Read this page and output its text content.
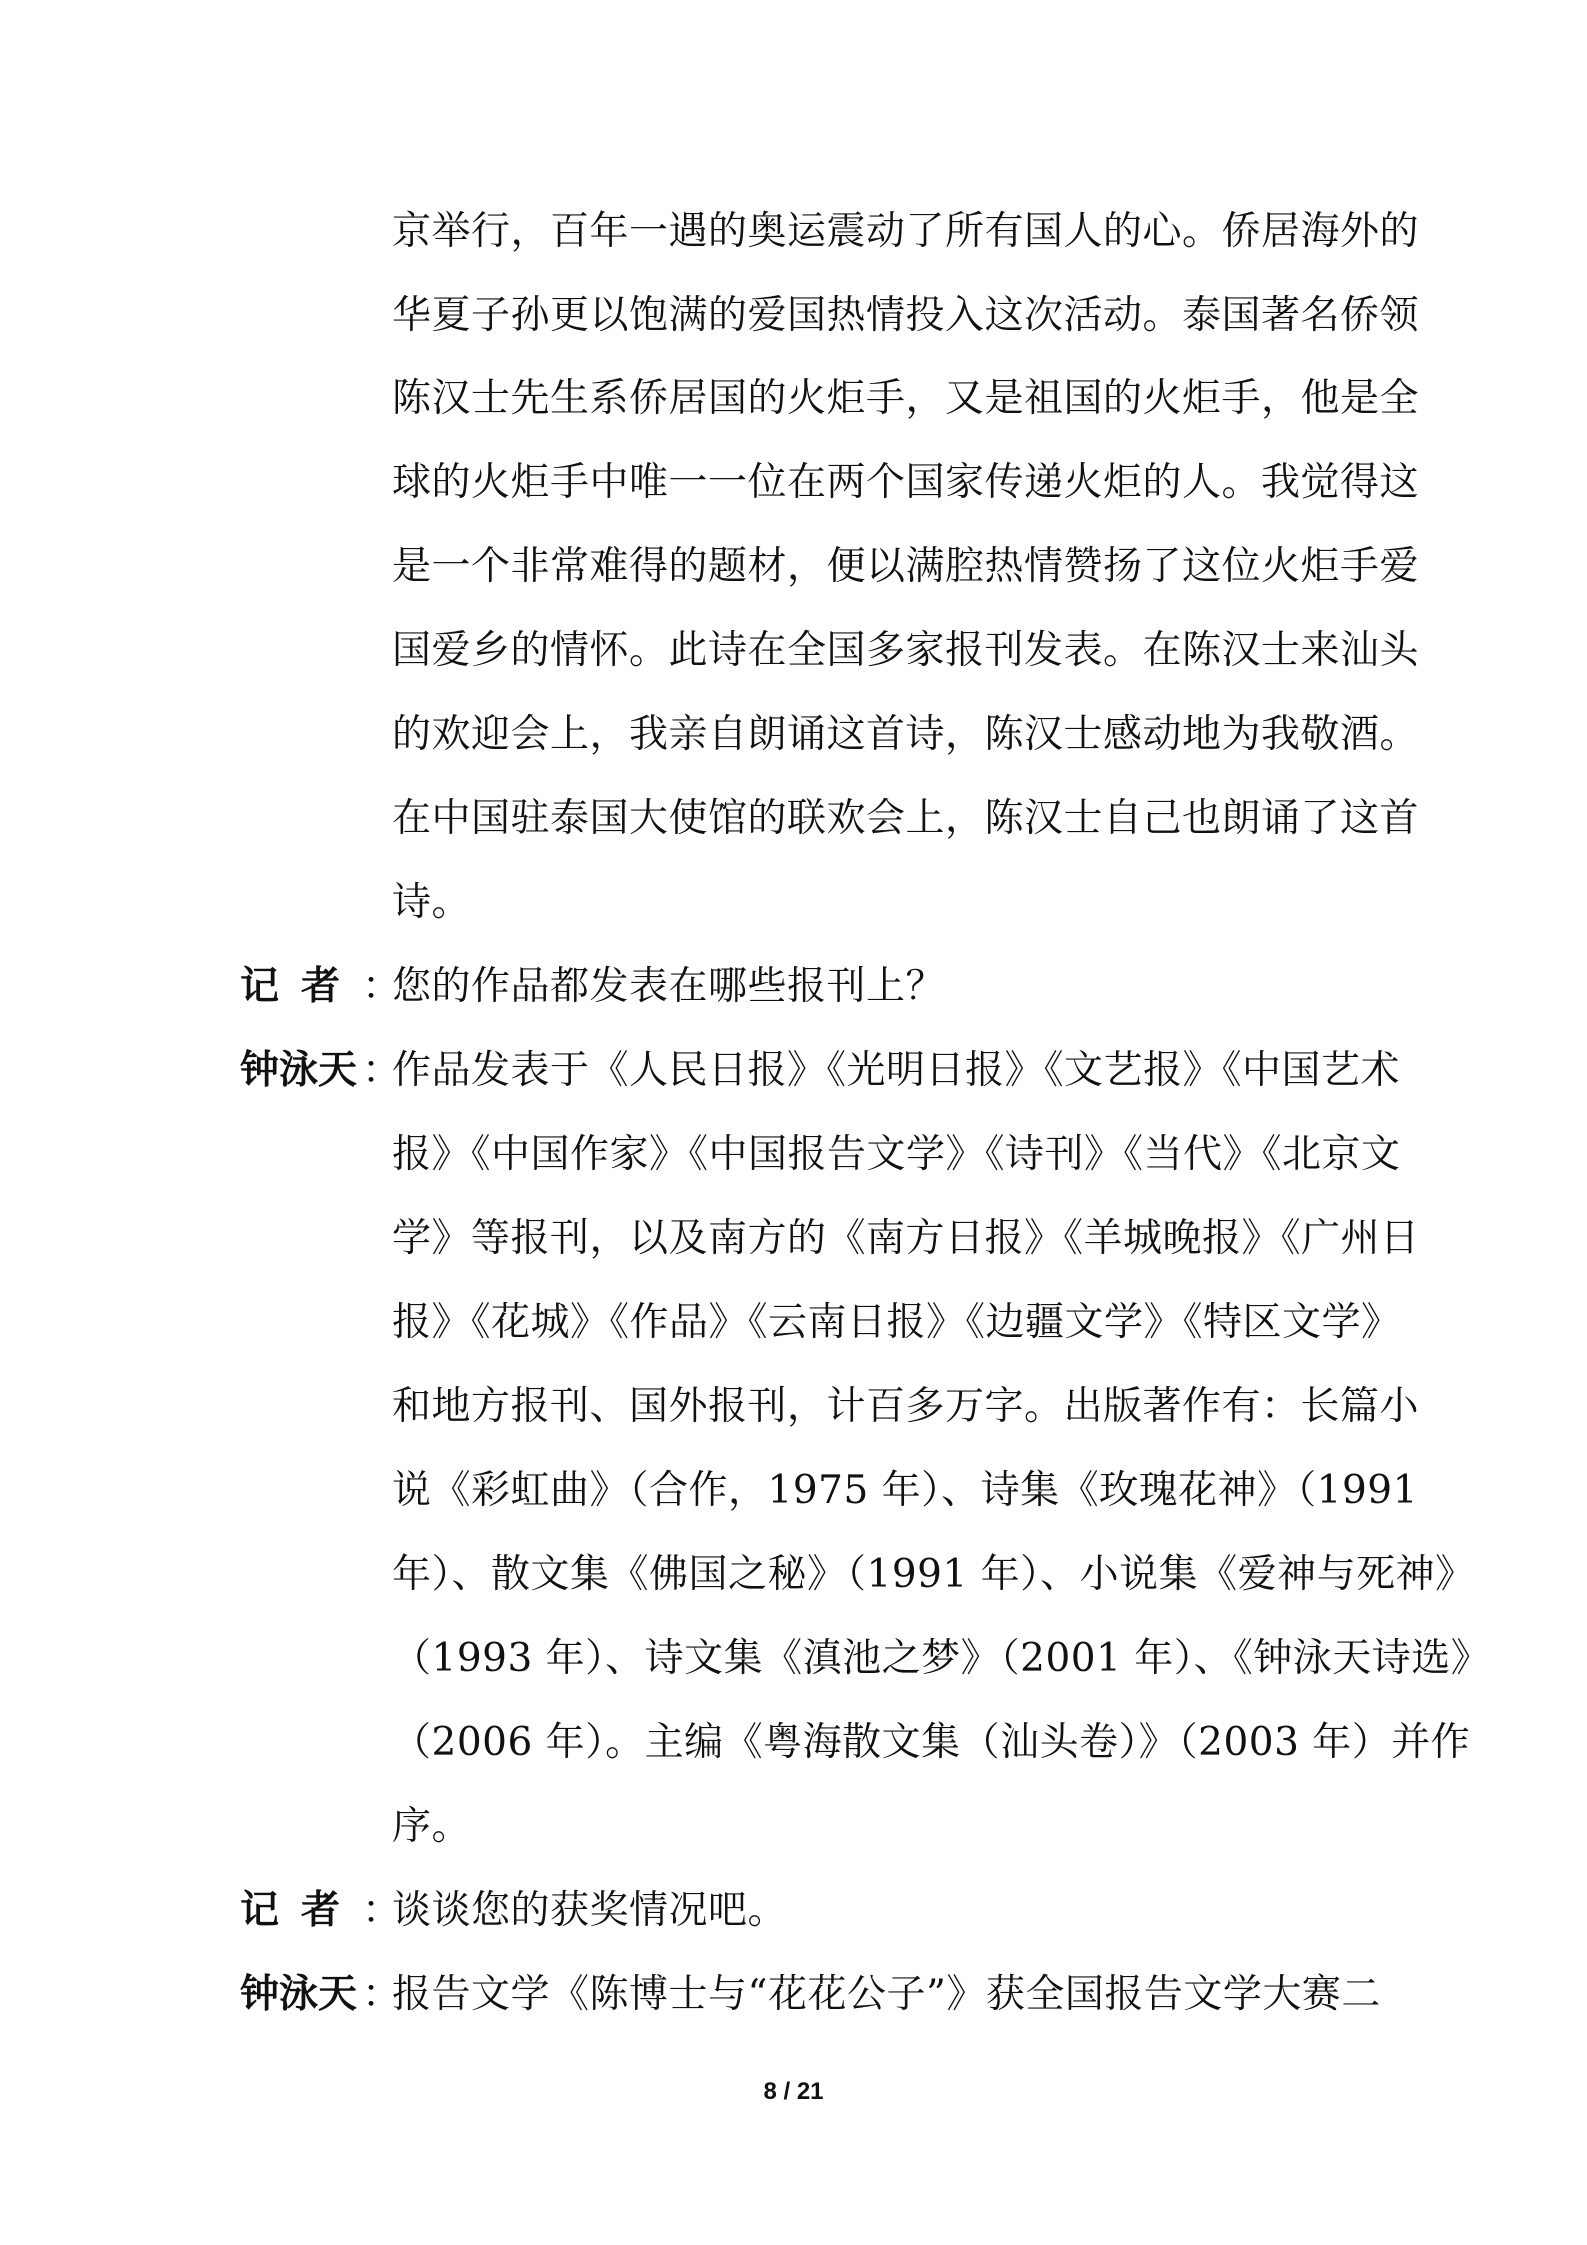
京举行，百年一遇的奥运震动了所有国人的心。侨居海外的
华夏子孙更以饱满的爱国热情投入这次活动。泰国著名侨领
陈汉士先生系侨居国的火炬手，又是祖国的火炬手，他是全
球的火炬手中唯一一位在两个国家传递火炬的人。我觉得这
是一个非常难得的题材，便以满腔热情赞扬了这位火炬手爱
国爱乡的情怀。此诗在全国多家报刊发表。在陈汉士来汕头
的欢迎会上，我亲自朗诵这首诗，陈汉士感动地为我敬酒。
在中国驻泰国大使馆的联欢会上，陈汉士自己也朗诵了这首
诗。
记者 ：
您的作品都发表在哪些报刊上？
钟泳天 ：
作品发表于《人民日报》《光明日报》《文艺报》《中国艺术
报》《中国作家》《中国报告文学》《诗刊》《当代》《北京文
学》等报刊，以及南方的《南方日报》《羊城晚报》《广州日
报》《花城》《作品》《云南日报》《边疆文学》《特区文学》
和地方报刊、国外报刊，计百多万字。出版著作有：长篇小
说《彩虹曲》（合作，1975 年）、诗集《玫瑰花神》（1991
年）、散文集《佛国之秘》（1991 年）、小说集《爱神与死神》
（1993 年）、诗文集《滇池之梦》（2001 年）、《钟泳天诗选》
（2006 年）。主编《粤海散文集（汕头卷）》（2003 年）并作
序。
记者 ：
谈谈您的获奖情况吧。
钟泳天 ：
报告文学《陈博士与“花花公子”》获全国报告文学大赛二
8 / 21
